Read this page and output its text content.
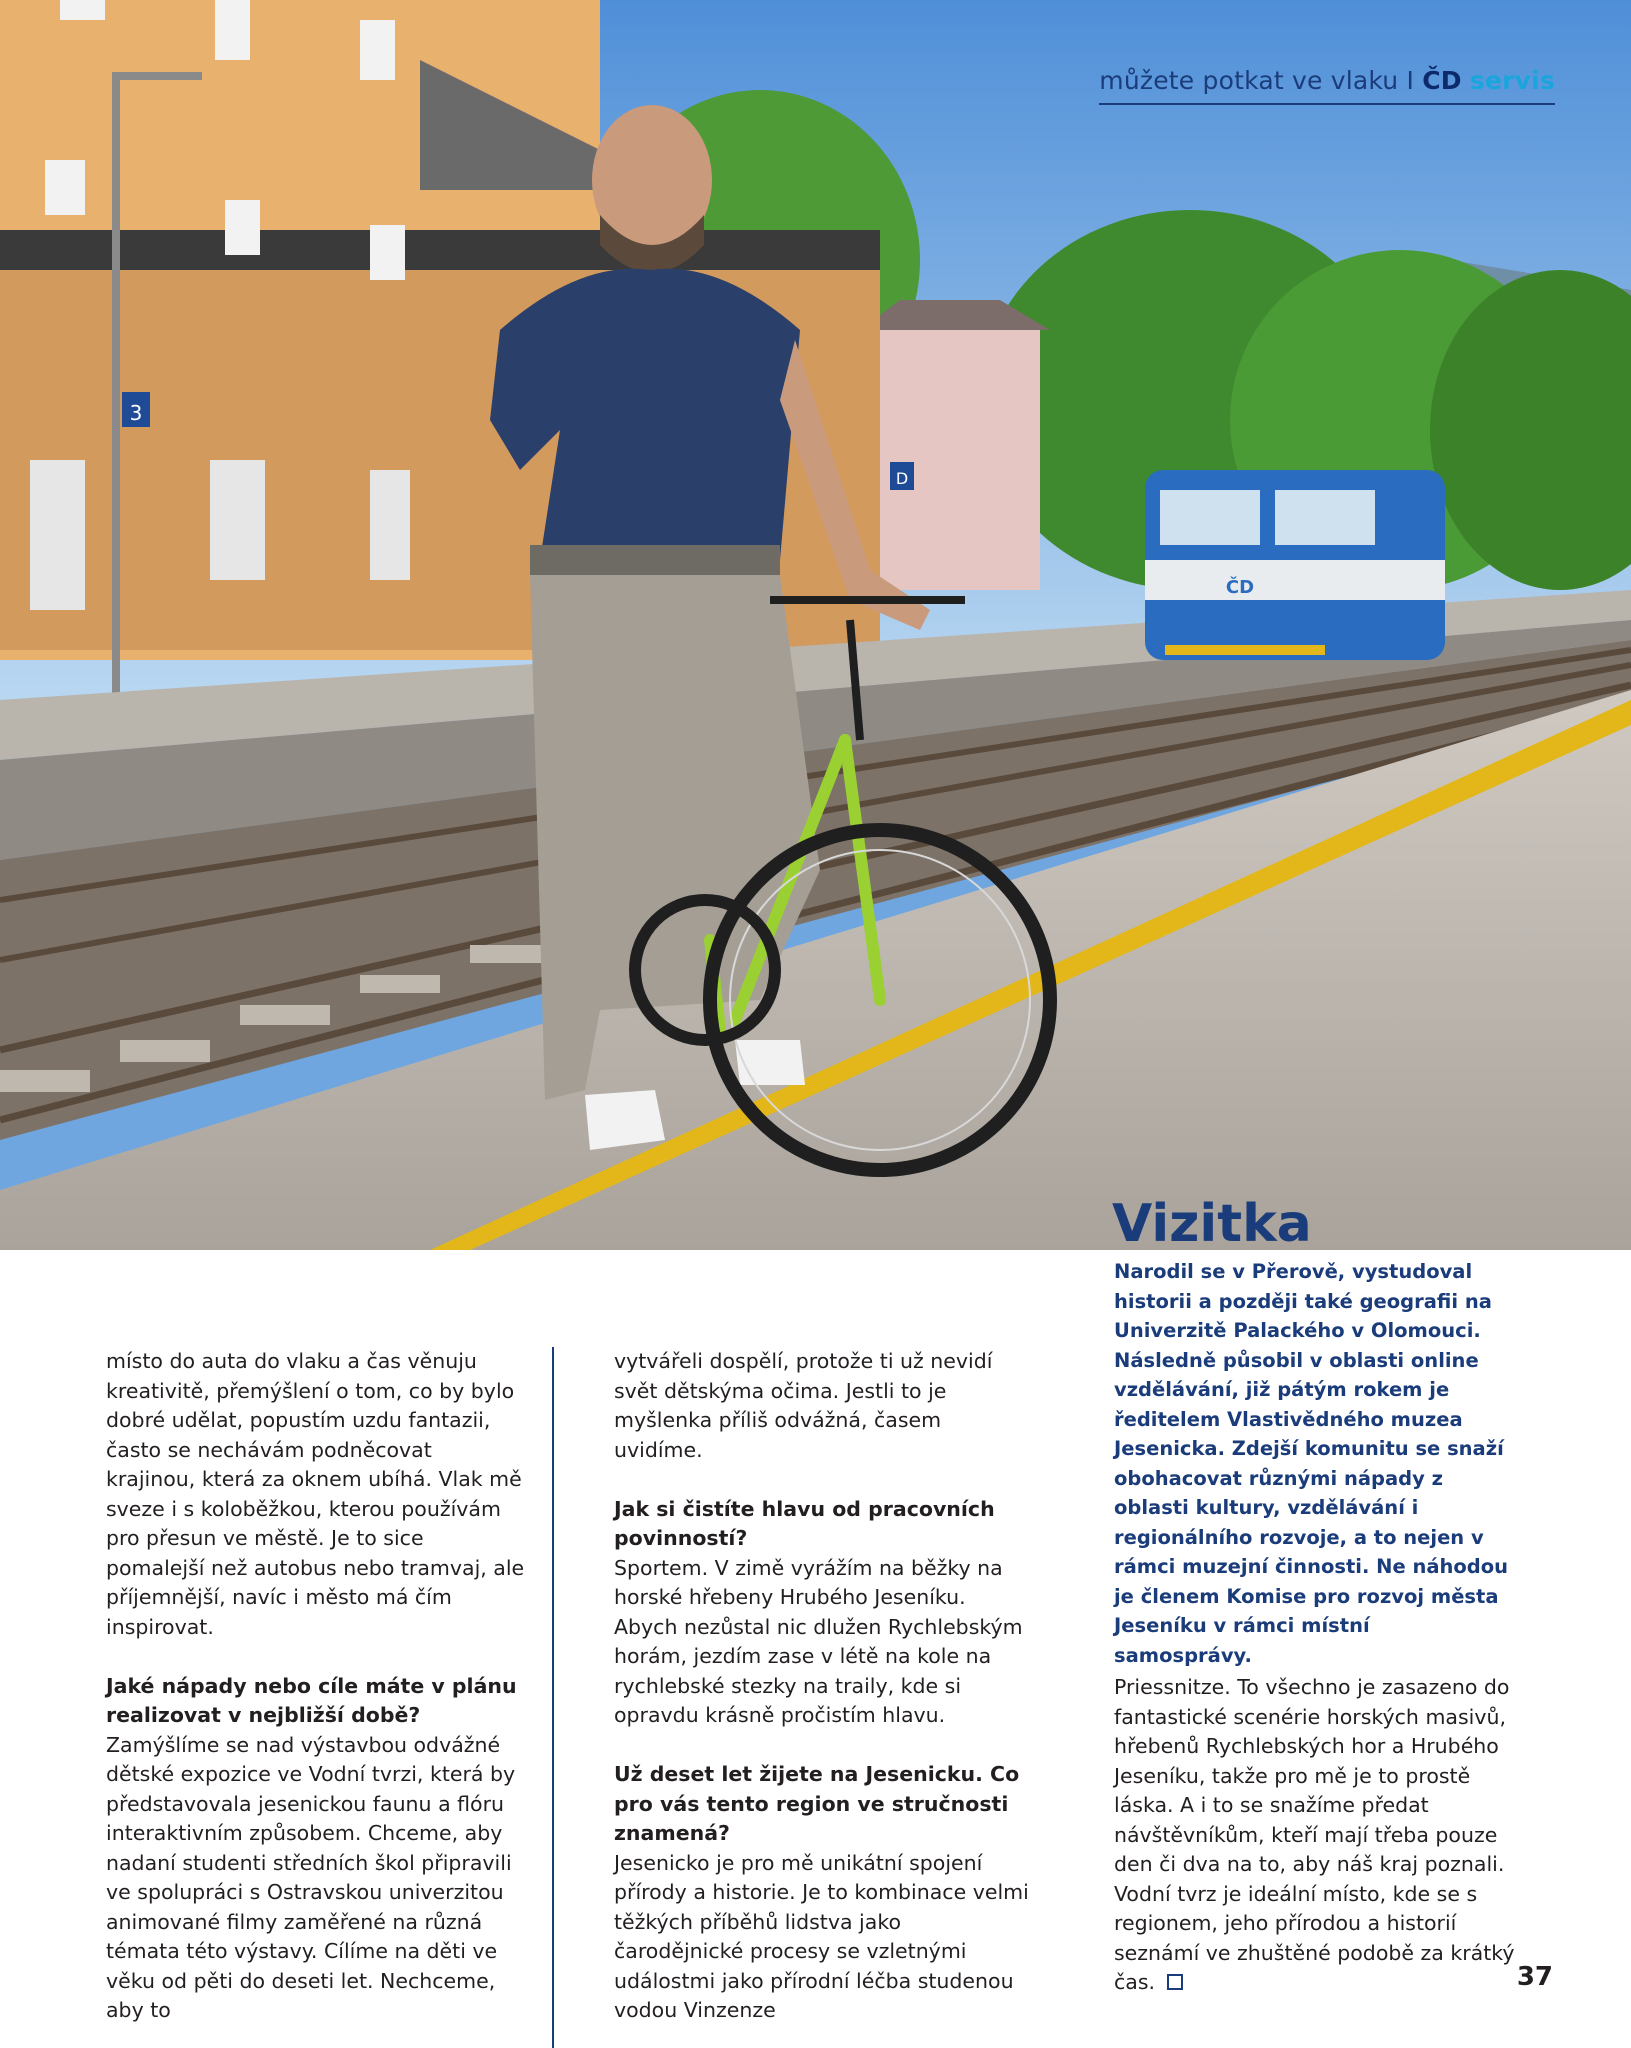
3
D
ČD
můžete potkat ve vlaku I ČD servis
Vizitka

Narodil se v Přerově, vystudoval historii a později také geografii na Univerzitě Palackého v Olomouci. Následně působil v oblasti online vzdělávání, již pátým rokem je ředitelem Vlastivědného muzea Jesenicka. Zdejší komunitu se snaží obohacovat různými nápady z oblasti kultury, vzdělávání i regionálního rozvoje, a to nejen v rámci muzejní činnosti. Ne náhodou je členem Komise pro rozvoj města Jeseníku v rámci místní samosprávy.

místo do auta do vlaku a čas věnuju kreativitě, přemýšlení o tom, co by bylo dobré udělat, popustím uzdu fantazii, často se nechávám podněcovat krajinou, která za oknem ubíhá. Vlak mě sveze i s koloběžkou, kterou používám pro přesun ve městě. Je to sice pomalejší než autobus nebo tramvaj, ale příjemnější, navíc i město má čím inspirovat.

Jaké nápady nebo cíle máte v plánu realizovat v nejbližší době?

Zamýšlíme se nad výstavbou odvážné dětské expozice ve Vodní tvrzi, která by představovala jesenickou faunu a flóru interaktivním způsobem. Chceme, aby nadaní studenti středních škol připravili ve spolupráci s Ostravskou univerzitou animované filmy zaměřené na různá témata této výstavy. Cílíme na děti ve věku od pěti do deseti let. Nechceme, aby to

vytvářeli dospělí, protože ti už nevidí svět dětskýma očima. Jestli to je myšlenka příliš odvážná, časem uvidíme.

Jak si čistíte hlavu od pracovních povinností?

Sportem. V zimě vyrážím na běžky na horské hřebeny Hrubého Jeseníku. Abych nezůstal nic dlužen Rychlebským horám, jezdím zase v létě na kole na rychlebské stezky na traily, kde si opravdu krásně pročistím hlavu.

Už deset let žijete na Jesenicku. Co pro vás tento region ve stručnosti znamená?

Jesenicko je pro mě unikátní spojení přírody a historie. Je to kombinace velmi těžkých příběhů lidstva jako čarodějnické procesy se vzletnými událostmi jako přírodní léčba studenou vodou Vinzenze

Priessnitze. To všechno je zasazeno do fantastické scenérie horských masivů, hřebenů Rychlebských hor a Hrubého Jeseníku, takže pro mě je to prostě láska. A i to se snažíme předat návštěvníkům, kteří mají třeba pouze den či dva na to, aby náš kraj poznali. Vodní tvrz je ideální místo, kde se s regionem, jeho přírodou a historií seznámí ve zhuštěné podobě za krátký čas.	37
